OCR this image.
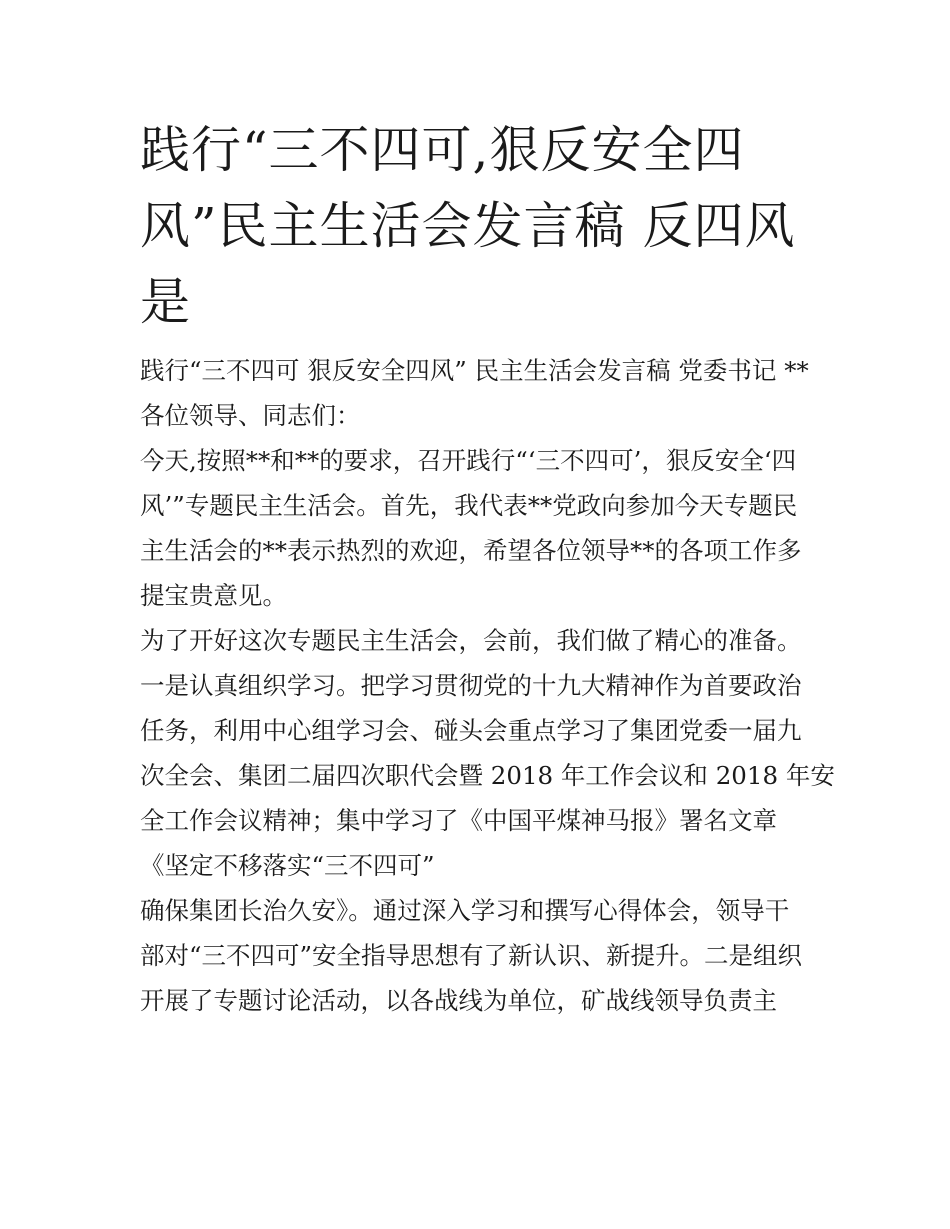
践行“三不四可,狠反安全四
风”民主生活会发言稿 反四风
是
践行“三不四可 狠反安全四风” 民主生活会发言稿 党委书记 **
各位领导、同志们：
今天,按照**和**的要求，召开践行“‘三不四可’，狠反安全‘四
风’”专题民主生活会。首先，我代表**党政向参加今天专题民
主生活会的**表示热烈的欢迎，希望各位领导**的各项工作多
提宝贵意见。
为了开好这次专题民主生活会，会前，我们做了精心的准备。
一是认真组织学习。把学习贯彻党的十九大精神作为首要政治
任务，利用中心组学习会、碰头会重点学习了集团党委一届九
次全会、集团二届四次职代会暨 2018 年工作会议和 2018 年安
全工作会议精神；集中学习了《中国平煤神马报》署名文章
《坚定不移落实“三不四可”
确保集团长治久安》。通过深入学习和撰写心得体会，领导干
部对“三不四可”安全指导思想有了新认识、新提升。二是组织
开展了专题讨论活动，以各战线为单位，矿战线领导负责主
